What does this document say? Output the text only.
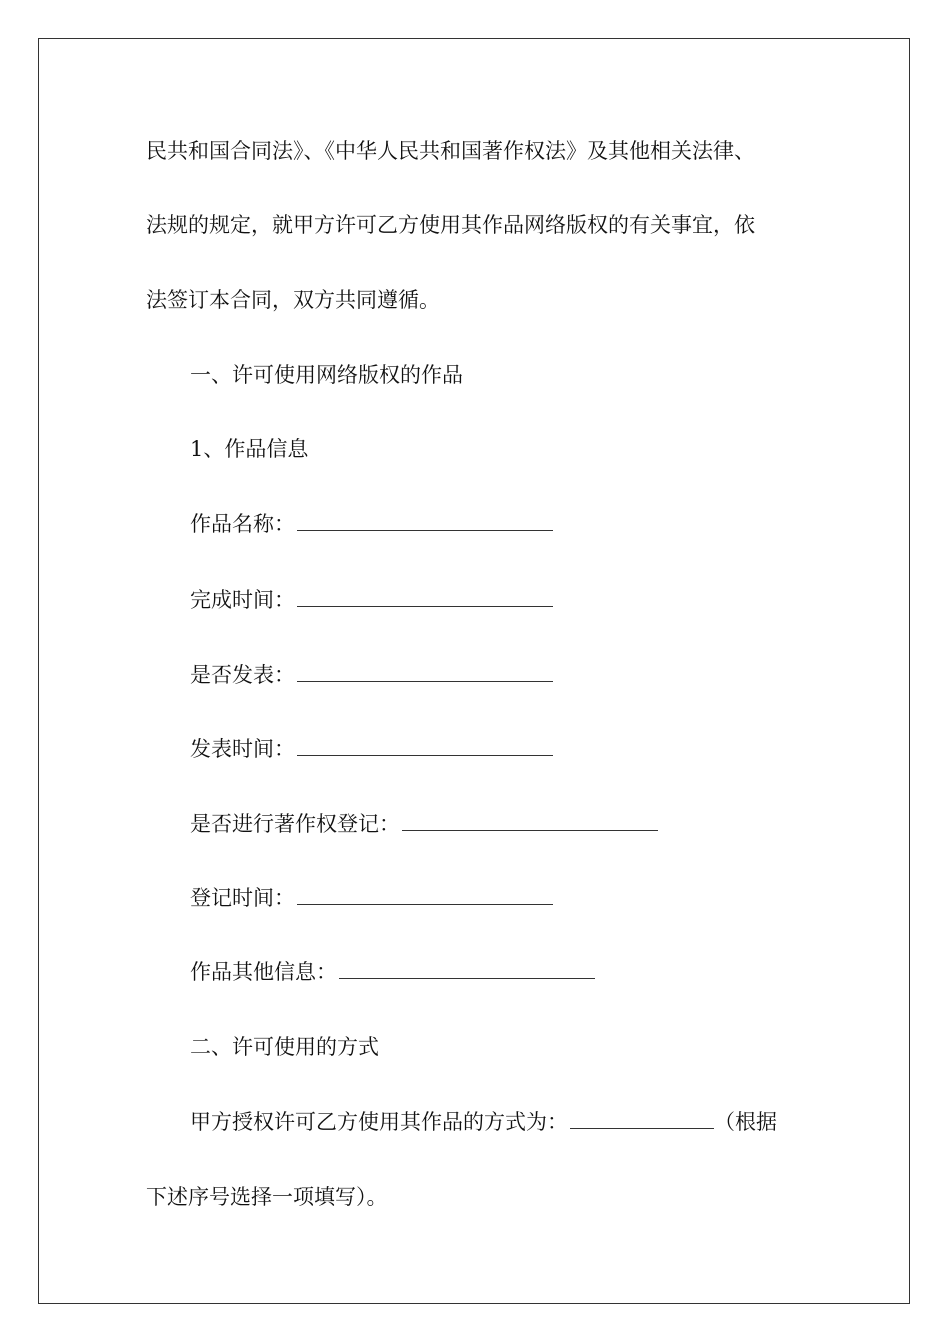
民共和国合同法》、《中华人民共和国著作权法》及其他相关法律、
法规的规定，就甲方许可乙方使用其作品网络版权的有关事宜，依
法签订本合同，双方共同遵循。
一、许可使用网络版权的作品
1、作品信息
作品名称：
完成时间：
是否发表：
发表时间：
是否进行著作权登记：
登记时间：
作品其他信息：
二、许可使用的方式
甲方授权许可乙方使用其作品的方式为：	（根据
下述序号选择一项填写）。
